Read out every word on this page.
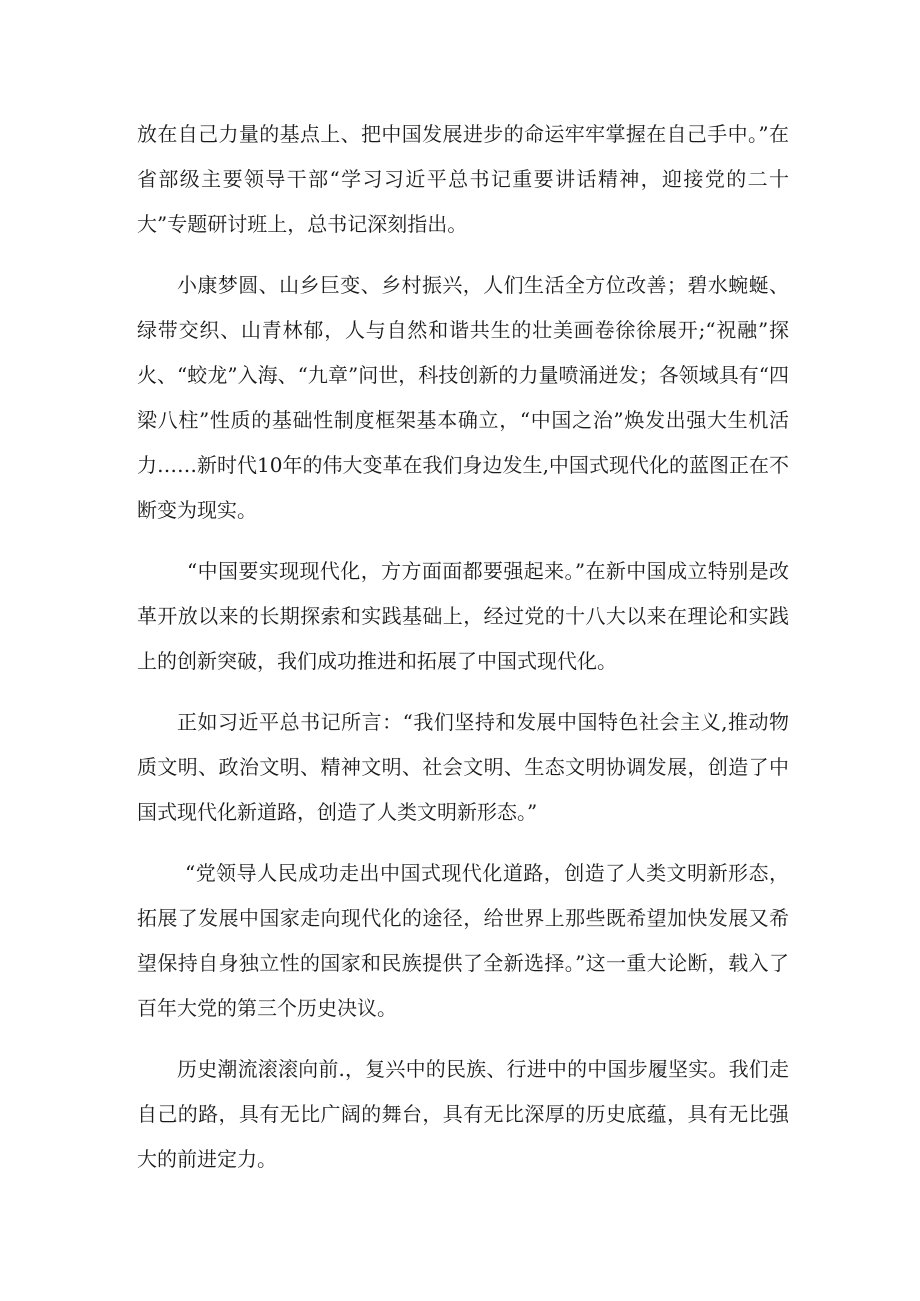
放在自己力量的基点上、把中国发展进步的命运牢牢掌握在自己手中。”在省部级主要领导干部“学习习近平总书记重要讲话精神，迎接党的二十大”专题研讨班上，总书记深刻指出。

小康梦圆、山乡巨变、乡村振兴，人们生活全方位改善；碧水蜿蜒、绿带交织、山青林郁，人与自然和谐共生的壮美画卷徐徐展开;“祝融”探火、“蛟龙”入海、“九章”问世，科技创新的力量喷涌迸发；各领域具有“四梁八柱”性质的基础性制度框架基本确立，“中国之治”焕发出强大生机活力……新时代10年的伟大变革在我们身边发生,中国式现代化的蓝图正在不断变为现实。

“中国要实现现代化，方方面面都要强起来。”在新中国成立特别是改革开放以来的长期探索和实践基础上，经过党的十八大以来在理论和实践上的创新突破，我们成功推进和拓展了中国式现代化。

正如习近平总书记所言：“我们坚持和发展中国特色社会主义,推动物质文明、政治文明、精神文明、社会文明、生态文明协调发展，创造了中国式现代化新道路，创造了人类文明新形态。”

“党领导人民成功走出中国式现代化道路，创造了人类文明新形态，拓展了发展中国家走向现代化的途径，给世界上那些既希望加快发展又希望保持自身独立性的国家和民族提供了全新选择。”这一重大论断，载入了百年大党的第三个历史决议。

历史潮流滚滚向前.，复兴中的民族、行进中的中国步履坚实。我们走自己的路，具有无比广阔的舞台，具有无比深厚的历史底蕴，具有无比强大的前进定力。
